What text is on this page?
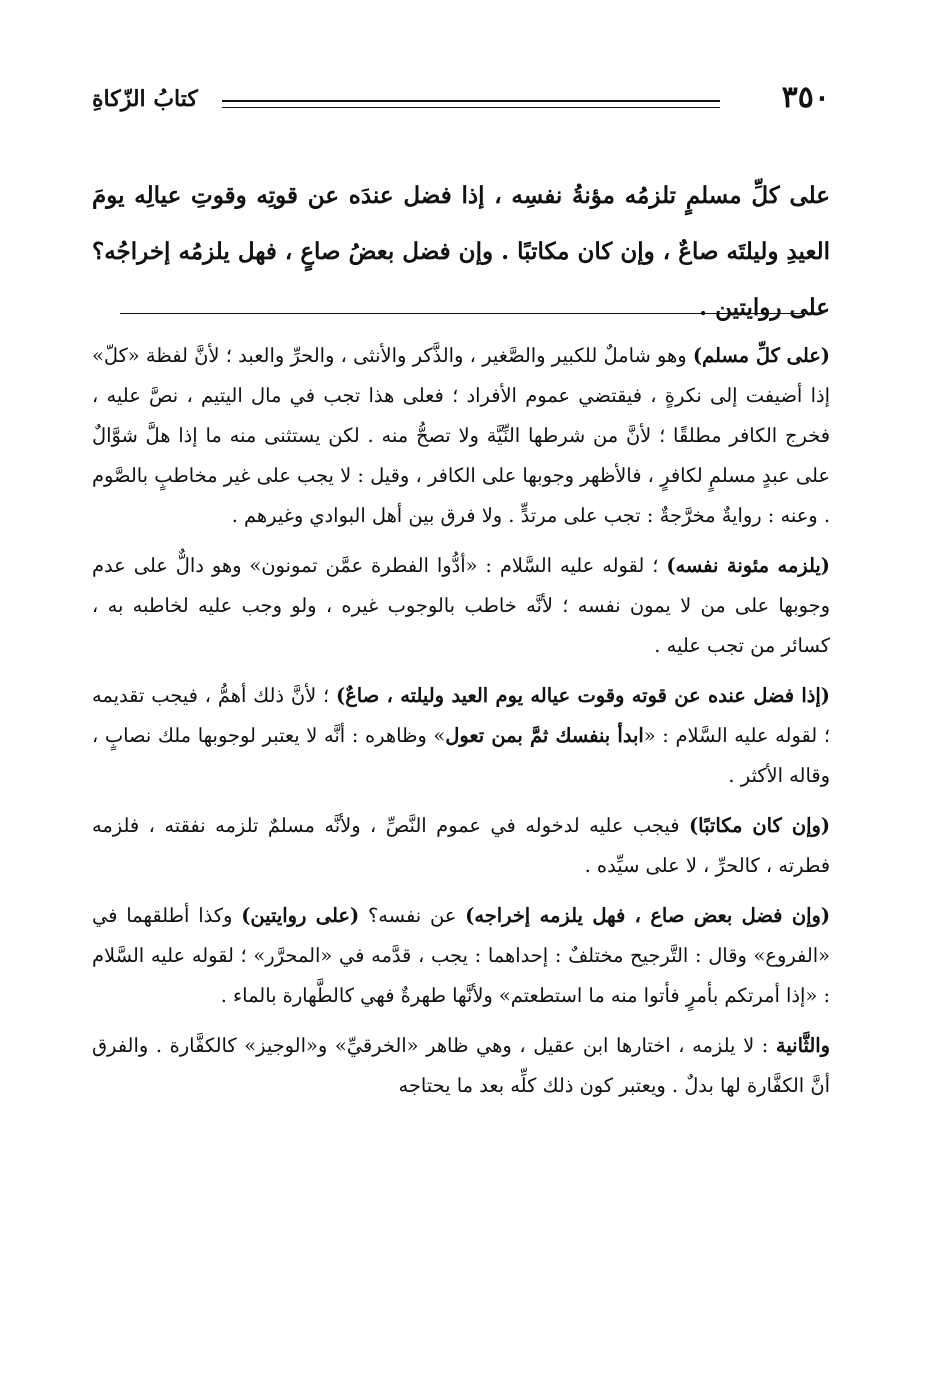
٣٥٠
كتابُ الزّكاةِ
على كلِّ مسلمٍ تلزمُه مؤنةُ نفسِه ، إذا فضل عندَه عن قوتِه وقوتِ عيالِه يومَ العيدِ وليلتَه صاعٌ ، وإن كان مكاتبًا . وإن فضل بعضُ صاعٍ ، فهل يلزمُه إخراجُه؟ على روايتين .

(على كلِّ مسلم) وهو شاملٌ للكبير والصَّغير ، والذَّكر والأنثى ، والحرِّ والعبد ؛ لأنَّ لفظة «كلّ» إذا أضيفت إلى نكرةٍ ، فيقتضي عموم الأفراد ؛ فعلى هذا تجب في مال اليتيم ، نصَّ عليه ، فخرج الكافر مطلقًا ؛ لأنَّ من شرطها النِّيَّة ولا تصحُّ منه . لكن يستثنى منه ما إذا هلَّ شوَّالٌ على عبدٍ مسلمٍ لكافرٍ ، فالأظهر وجوبها على الكافر ، وقيل : لا يجب على غير مخاطبٍ بالصَّوم . وعنه : روايةٌ مخرَّجةٌ : تجب على مرتدٍّ . ولا فرق بين أهل البوادي وغيرهم .

(يلزمه مئونة نفسه) ؛ لقوله عليه السَّلام : «أدُّوا الفطرة عمَّن تمونون» وهو دالٌّ على عدم وجوبها على من لا يمون نفسه ؛ لأنَّه خاطب بالوجوب غيره ، ولو وجب عليه لخاطبه به ، كسائر من تجب عليه .

(إذا فضل عنده عن قوته وقوت عياله يوم العيد وليلته ، صاعٌ) ؛ لأنَّ ذلك أهمُّ ، فيجب تقديمه ؛ لقوله عليه السَّلام : «ابدأ بنفسك ثمَّ بمن تعول» وظاهره : أنَّه لا يعتبر لوجوبها ملك نصابٍ ، وقاله الأكثر .

(وإن كان مكاتبًا) فيجب عليه لدخوله في عموم النَّصِّ ، ولأنَّه مسلمٌ تلزمه نفقته ، فلزمه فطرته ، كالحرِّ ، لا على سيِّده .

(وإن فضل بعض صاع ، فهل يلزمه إخراجه) عن نفسه؟ (على روايتين) وكذا أطلقهما في «الفروع» وقال : التَّرجيح مختلفٌ : إحداهما : يجب ، قدَّمه في «المحرَّر» ؛ لقوله عليه السَّلام : «إذا أمرتكم بأمرٍ فأتوا منه ما استطعتم» ولأنَّها طهرةٌ فهي كالطَّهارة بالماء .

والثَّانية : لا يلزمه ، اختارها ابن عقيل ، وهي ظاهر «الخرقيِّ» و«الوجيز» كالكفَّارة . والفرق أنَّ الكفَّارة لها بدلٌ . ويعتبر كون ذلك كلِّه بعد ما يحتاجه
